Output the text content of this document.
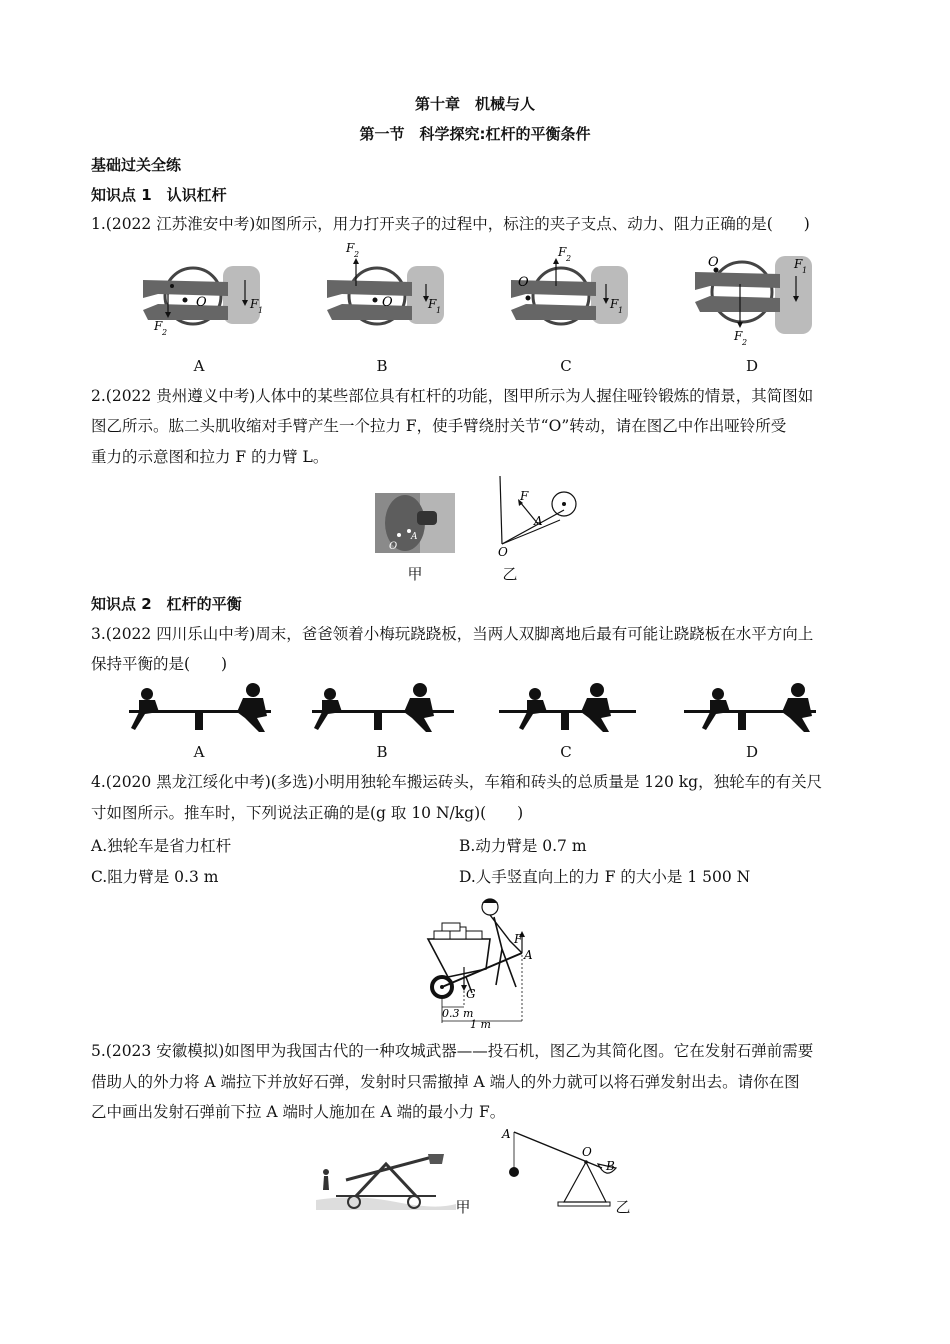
第十章　机械与人
第一节　科学探究:杠杆的平衡条件
基础过关全练
知识点 1　认识杠杆
1.(2022 江苏淮安中考)如图所示，用力打开夹子的过程中，标注的夹子支点、动力、阻力正确的是(　　)
O	F 1
F 2
A
O
F 2
F 1
B
O
F 2
F 1
C
O
F 2
F 1
D
2.(2022 贵州遵义中考)人体中的某些部位具有杠杆的功能，图甲所示为人握住哑铃锻炼的情景，其简图如
图乙所示。肱二头肌收缩对手臂产生一个拉力 F，使手臂绕肘关节“O”转动，请在图乙中作出哑铃所受
重力的示意图和拉力 F 的力臂 L。
O
A
甲
F
A
O
乙
知识点 2　杠杆的平衡
3.(2022 四川乐山中考)周末，爸爸领着小梅玩跷跷板，当两人双脚离地后最有可能让跷跷板在水平方向上
保持平衡的是(　　)
A	B	C	D
4.(2020 黑龙江绥化中考)(多选)小明用独轮车搬运砖头，车箱和砖头的总质量是 120 kg，独轮车的有关尺
寸如图所示。推车时，下列说法正确的是(g 取 10 N/kg)(　　)
A.独轮车是省力杠杆	B.动力臂是 0.7 m
C.阻力臂是 0.3 m	D.人手竖直向上的力 F 的大小是 1 500 N
F
A
G
0.3 m
1 m
5.(2023 安徽模拟)如图甲为我国古代的一种攻城武器——投石机，图乙为其简化图。它在发射石弹前需要
借助人的外力将 A 端拉下并放好石弹，发射时只需撤掉 A 端人的外力就可以将石弹发射出去。请你在图
乙中画出发射石弹前下拉 A 端时人施加在 A 端的最小力 F。
甲
A
O
B
乙
